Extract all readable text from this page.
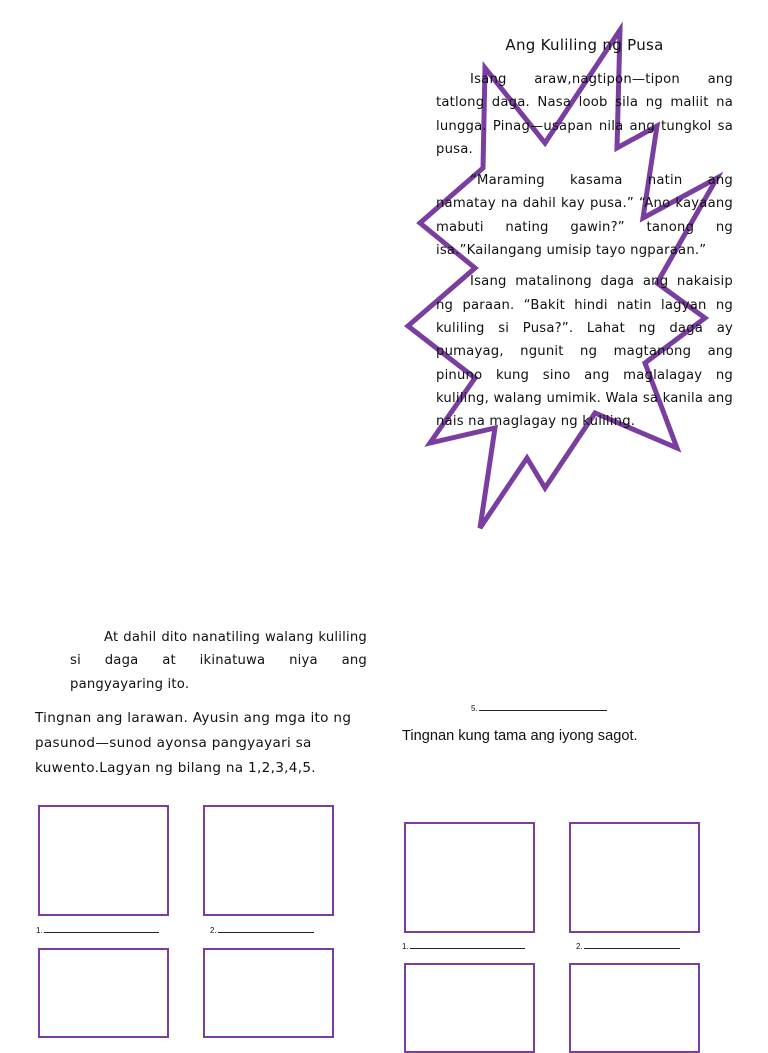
Ang Kuliling ng Pusa

Isang araw,nagtipon—tipon ang tatlong daga. Nasa loob sila ng maliit na lungga. Pinag—usapan nila ang tungkol sa pusa.

“Maraming kasama natin ang namatay na dahil kay pusa.” “Ano kayaang mabuti nating gawin?” tanong ng isa.”Kailangang umisip tayo ngparaan.”

Isang matalinong daga ang nakaisip ng paraan. “Bakit hindi natin lagyan ng kuliling si Pusa?”. Lahat ng daga ay pumayag, ngunit ng magtanong ang pinuno kung sino ang maglalagay ng kuliling, walang umimik. Wala sa kanila ang nais na maglagay ng kuliling.

At dahil dito nanatiling walang kuliling si daga at ikinatuwa niya ang pangyayaring ito.

Tingnan ang larawan. Ayusin ang mga ito ng pasunod—sunod ayonsa pangyayari sa kuwento.Lagyan ng bilang na 1,2,3,4,5.

Tingnan kung tama ang iyong sagot.

5.
1.	2.
1.	2.
